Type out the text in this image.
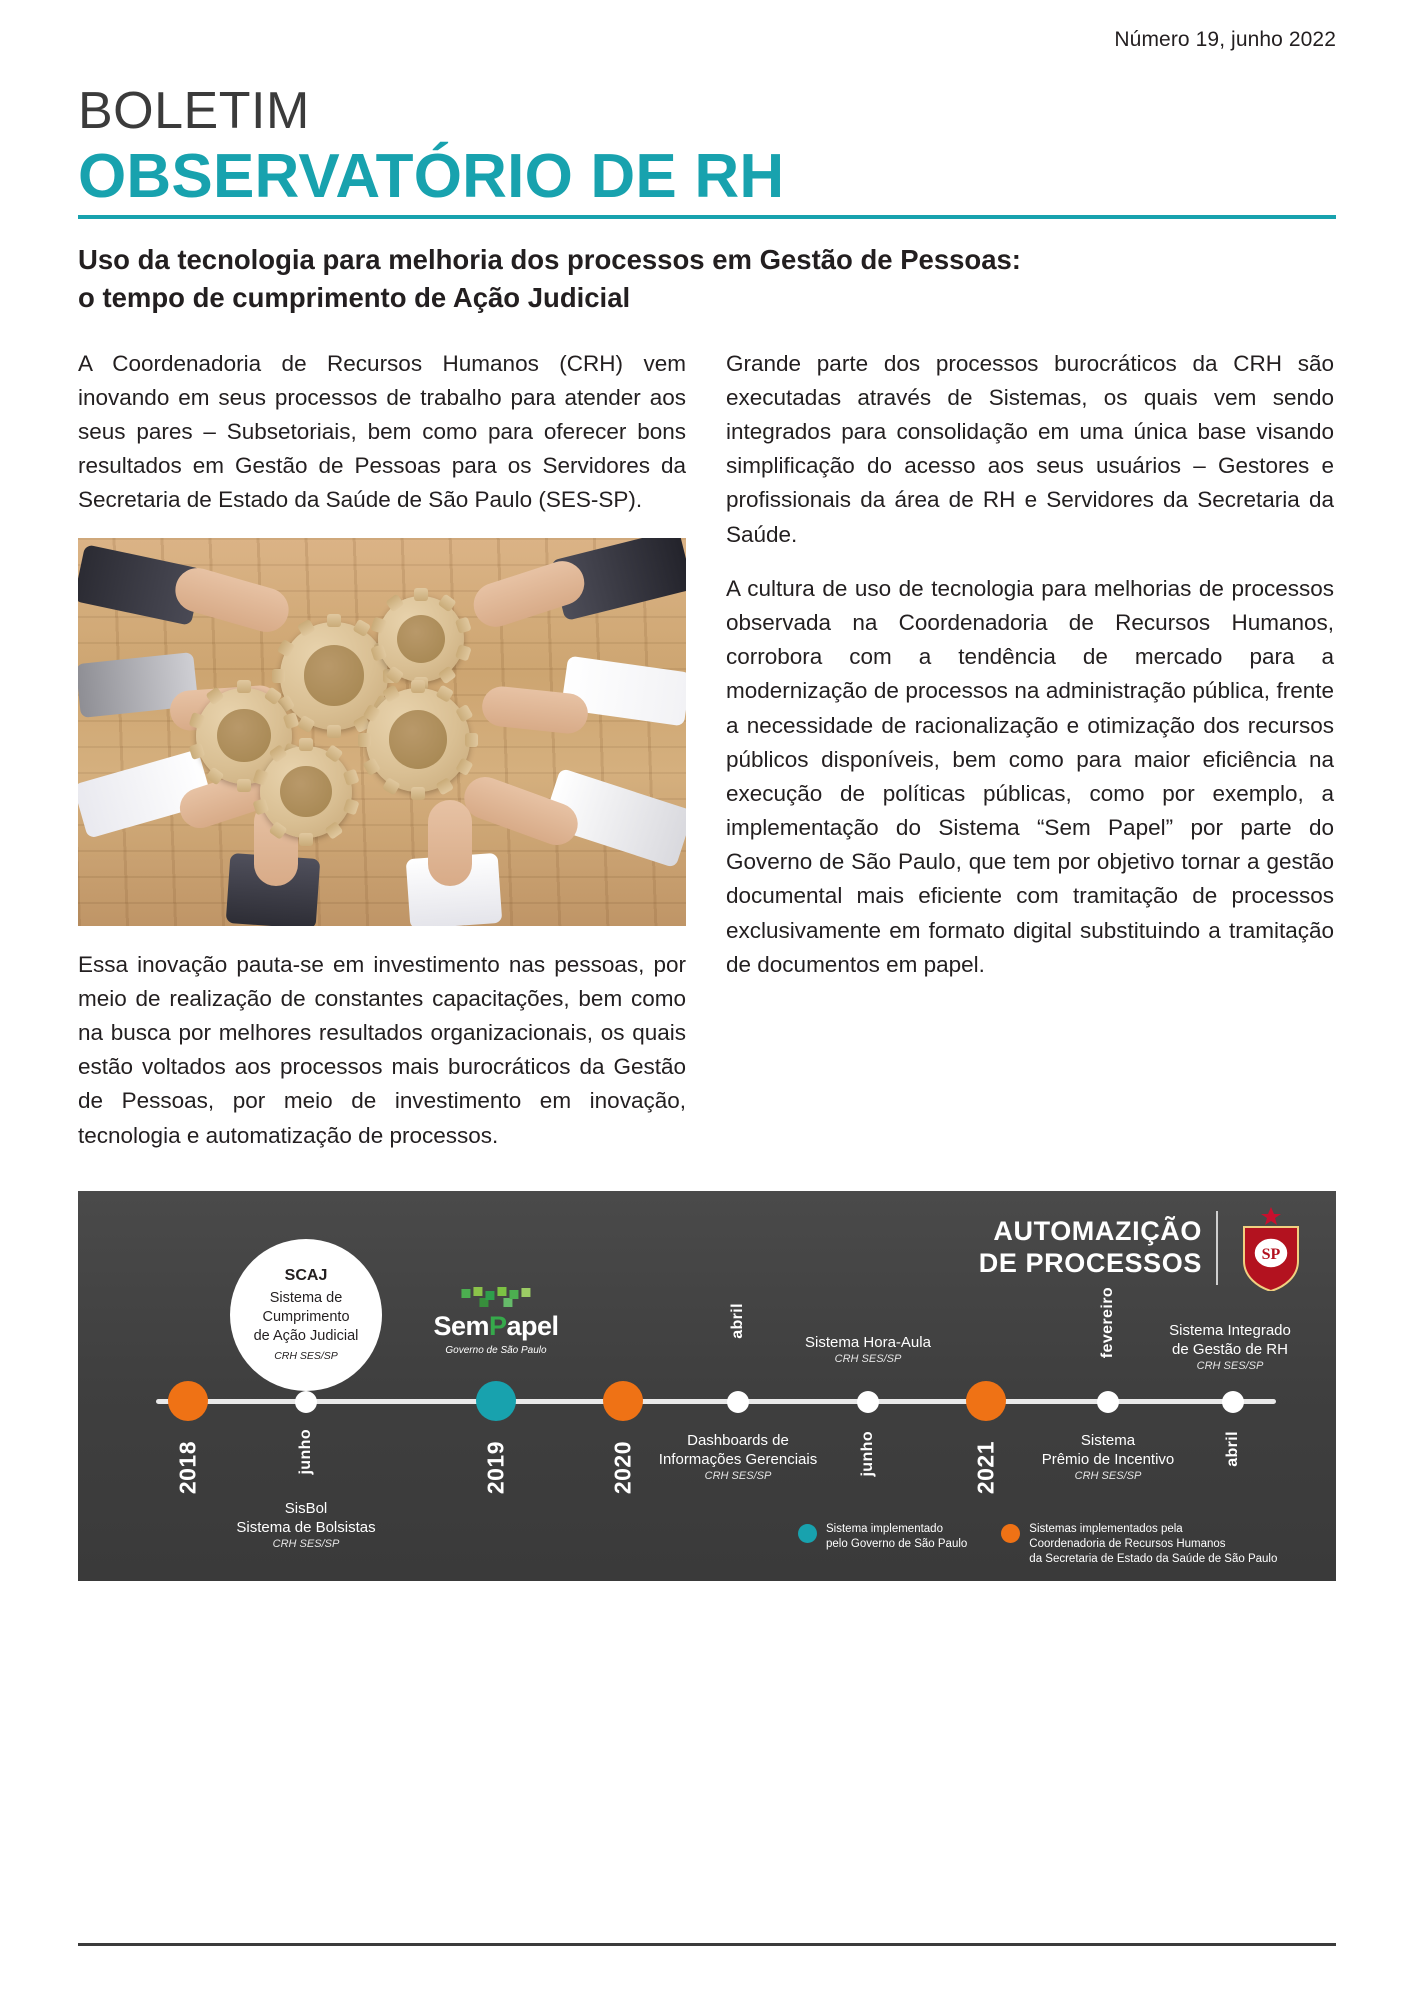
Número 19, junho 2022
BOLETIM
OBSERVATÓRIO DE RH
Uso da tecnologia para melhoria dos processos em Gestão de Pessoas:
o tempo de cumprimento de Ação Judicial

A Coordenadoria de Recursos Humanos (CRH) vem inovando em seus processos de trabalho para atender aos seus pares – Subsetoriais, bem como para oferecer bons resultados em Gestão de Pessoas para os Servidores da Secretaria de Estado da Saúde de São Paulo (SES-SP).

Essa inovação pauta-se em investimento nas pessoas, por meio de realização de constantes capacitações, bem como na busca por melhores resultados organizacionais, os quais estão voltados aos processos mais burocráticos da Gestão de Pessoas, por meio de investimento em inovação, tecnologia e automatização de processos.

Grande parte dos processos burocráticos da CRH são executadas através de Sistemas, os quais vem sendo integrados para consolidação em uma única base visando simplificação do acesso aos seus usuários – Gestores e profissionais da área de RH e Servidores da Secretaria da Saúde.

A cultura de uso de tecnologia para melhorias de processos observada na Coordenadoria de Recursos Humanos, corrobora com a tendência de mercado para a modernização de processos na administração pública, frente a necessidade de racionalização e otimização dos recursos públicos disponíveis, bem como para maior eficiência na execução de políticas públicas, como por exemplo, a implementação do Sistema “Sem Papel” por parte do Governo de São Paulo, que tem por objetivo tornar a gestão documental mais eficiente com tramitação de processos exclusivamente em formato digital substituindo a tramitação de documentos em papel.

AUTOMAZIÇÃO
DE PROCESSOS	SP
SCAJ
Sistema de
Cumprimento
de Ação Judicial
CRH SES/SP
SemPapel
Governo de São Paulo
2018	junho	2019	2020
abril
junho	2021
fevereiro
abril
SisBol
Sistema de Bolsistas
CRH SES/SP
Dashboards de
Informações Gerenciais
CRH SES/SP
Sistema Hora-Aula
CRH SES/SP
Sistema
Prêmio de Incentivo
CRH SES/SP
Sistema Integrado
de Gestão de RH
CRH SES/SP
Sistema implementado
pelo Governo de São Paulo
Sistemas implementados pela
Coordenadoria de Recursos Humanos
da Secretaria de Estado da Saúde de São Paulo
